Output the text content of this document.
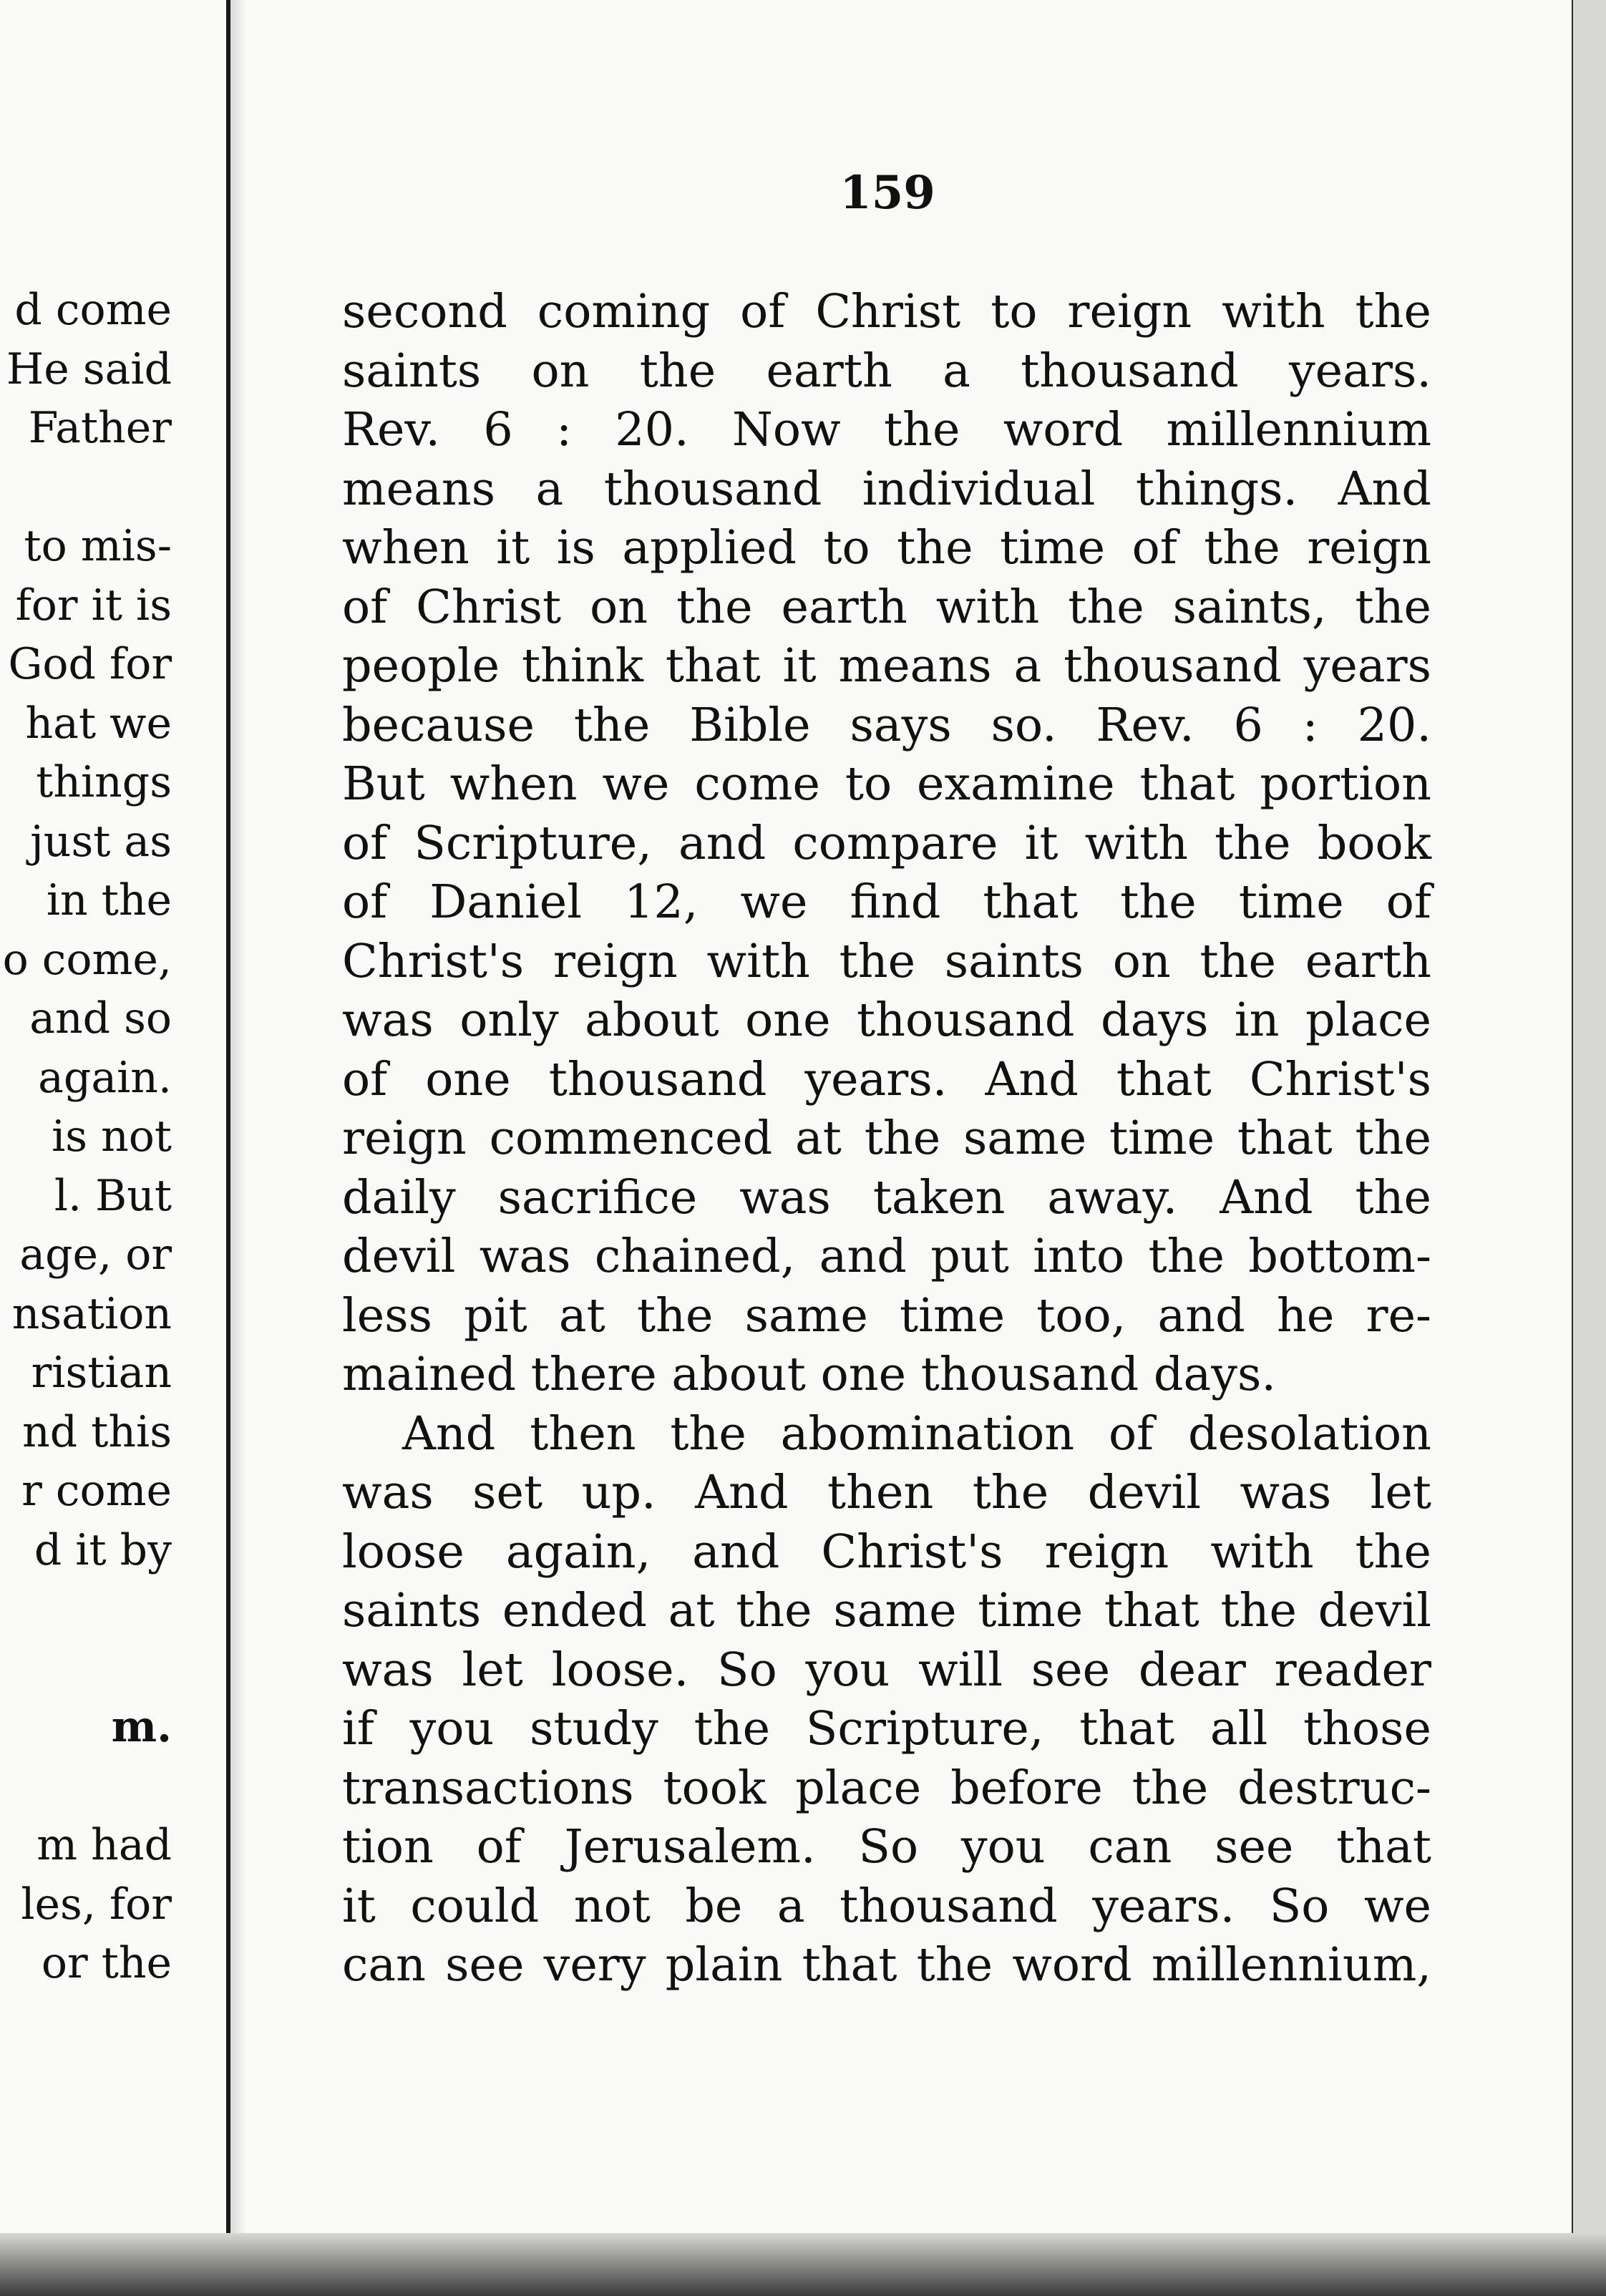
d come
He said
Father
to mis-
for it is
God for
hat we
things
just as
in the
o come,
and so
again.
is not
l. But
age, or
nsation
ristian
nd this
r come
d it by
m.
m had
les, for
or the
159
second coming of Christ to reign with the
saints on the earth a thousand years.
Rev. 6 : 20. Now the word millennium
means a thousand individual things. And
when it is applied to the time of the reign
of Christ on the earth with the saints, the
people think that it means a thousand years
because the Bible says so. Rev. 6 : 20.
But when we come to examine that portion
of Scripture, and compare it with the book
of Daniel 12, we find that the time of
Christ's reign with the saints on the earth
was only about one thousand days in place
of one thousand years. And that Christ's
reign commenced at the same time that the
daily sacrifice was taken away. And the
devil was chained, and put into the bottom-
less pit at the same time too, and he re-
mained there about one thousand days.
And then the abomination of desolation
was set up. And then the devil was let
loose again, and Christ's reign with the
saints ended at the same time that the devil
was let loose. So you will see dear reader
if you study the Scripture, that all those
transactions took place before the destruc-
tion of Jerusalem. So you can see that
it could not be a thousand years. So we
can see very plain that the word millennium,
